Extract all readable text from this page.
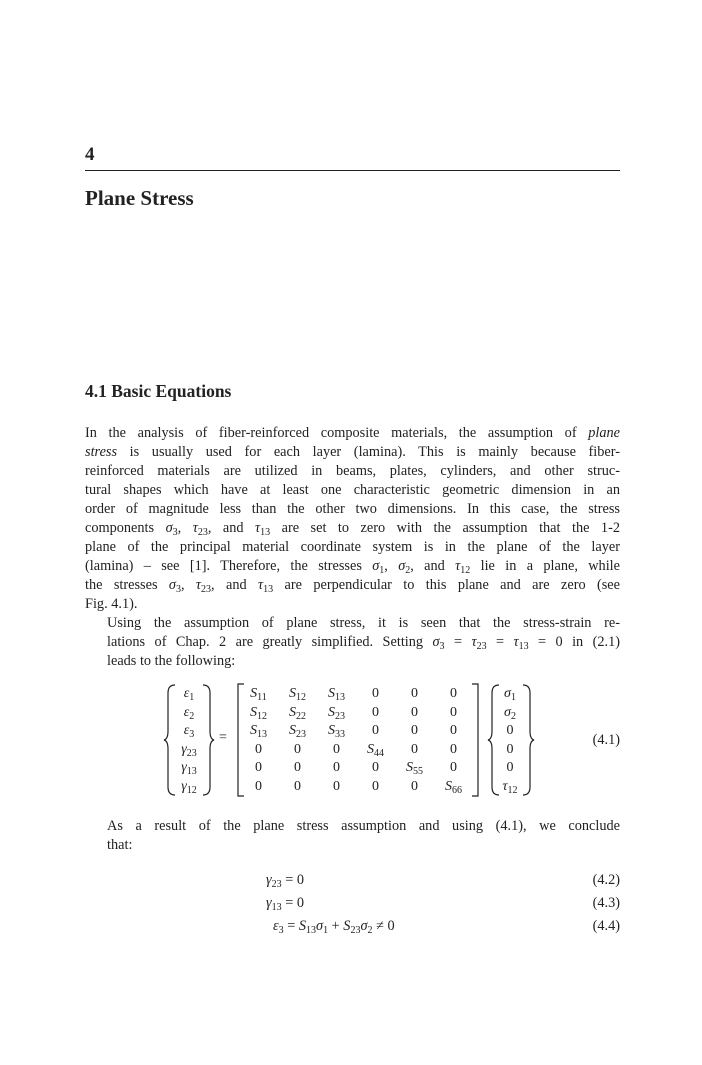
4
Plane Stress
4.1 Basic Equations
In the analysis of fiber-reinforced composite materials, the assumption of plane
stress is usually used for each layer (lamina). This is mainly because fiber-
reinforced materials are utilized in beams, plates, cylinders, and other struc-
tural shapes which have at least one characteristic geometric dimension in an
order of magnitude less than the other two dimensions. In this case, the stress
components $\sigma_3$, $\tau_{23}$, and $\tau_{13}$ are set to zero with the assumption that the 1-2
plane of the principal material coordinate system is in the plane of the layer
(lamina) – see [1]. Therefore, the stresses $\sigma_1$, $\sigma_2$, and $\tau_{12}$ lie in a plane, while
the stresses $\sigma_3$, $\tau_{23}$, and $\tau_{13}$ are perpendicular to this plane and are zero (see
Fig. 4.1).
Using the assumption of plane stress, it is seen that the stress-strain re-
lations of Chap. 2 are greatly simplified. Setting $\sigma_3 = \tau_{23} = \tau_{13} = 0$ in (2.1)
leads to the following:
$\varepsilon_1$
$\varepsilon_2$
$\varepsilon_3$
$\gamma_{23}$
$\gamma_{13}$
$\gamma_{12}$
=
$S_{11}$	$S_{12}$	$S_{13}$	0	0	0
$S_{12}$	$S_{22}$	$S_{23}$	0	0	0
$S_{13}$	$S_{23}$	$S_{33}$	0	0	0
0	0	0	$S_{44}$	0	0
0	0	0	0	$S_{55}$	0
0	0	0	0	0	$S_{66}$
$\sigma_1$
$\sigma_2$
0
0
0
$\tau_{12}$
(4.1)
As a result of the plane stress assumption and using (4.1), we conclude
that:
$\gamma_{23} = 0$	(4.2)
$\gamma_{13} = 0$	(4.3)
$\varepsilon_3 = S_{13}\sigma_1 + S_{23}\sigma_2 \ne 0$	(4.4)
